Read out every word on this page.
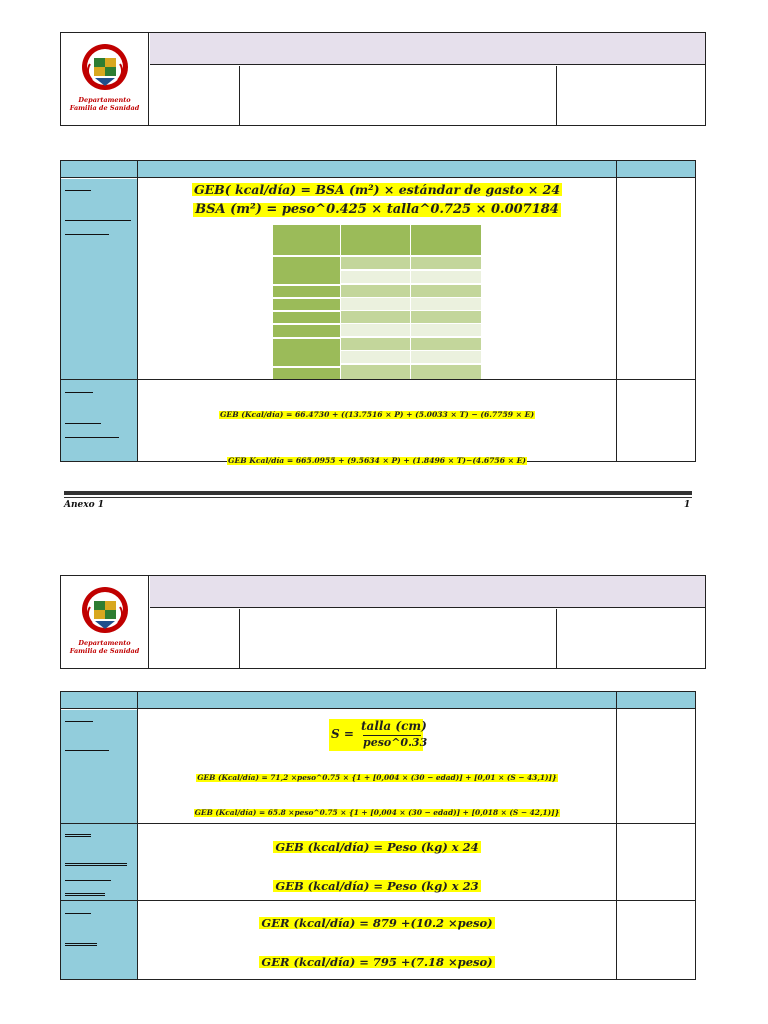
Departamento
Familia de Sanidad
GEB( kcal/día) = BSA (m²) × estándar de gasto × 24
BSA (m²) = peso^0.425 × talla^0.725 × 0.007184
GEB (Kcal/día) = 66.4730 + ((13.7516 × P) + (5.0033 × T) − (6.7759 × E)
GEB Kcal/día = 665.0955 + (9.5634 × P) + (1.8496 × T)−(4.6756 × E)
Anexo 1	1
Departamento
Familia de Sanidad
S =
talla (cm)
peso^0.33
GEB (Kcal/día) = 71,2 ×peso^0.75 × {1 + [0,004 × (30 − edad)] + [0,01 × (S − 43,1)]}
GEB (Kcal/día) = 65.8 ×peso^0.75 × {1 + [0,004 × (30 − edad)] + [0,018 × (S − 42,1)]}
GEB (kcal/día) = Peso (kg) x 24
GEB (kcal/día) = Peso (kg) x 23
GER (kcal/día) = 879 +(10.2 ×peso)
GER (kcal/día) = 795 +(7.18 ×peso)
